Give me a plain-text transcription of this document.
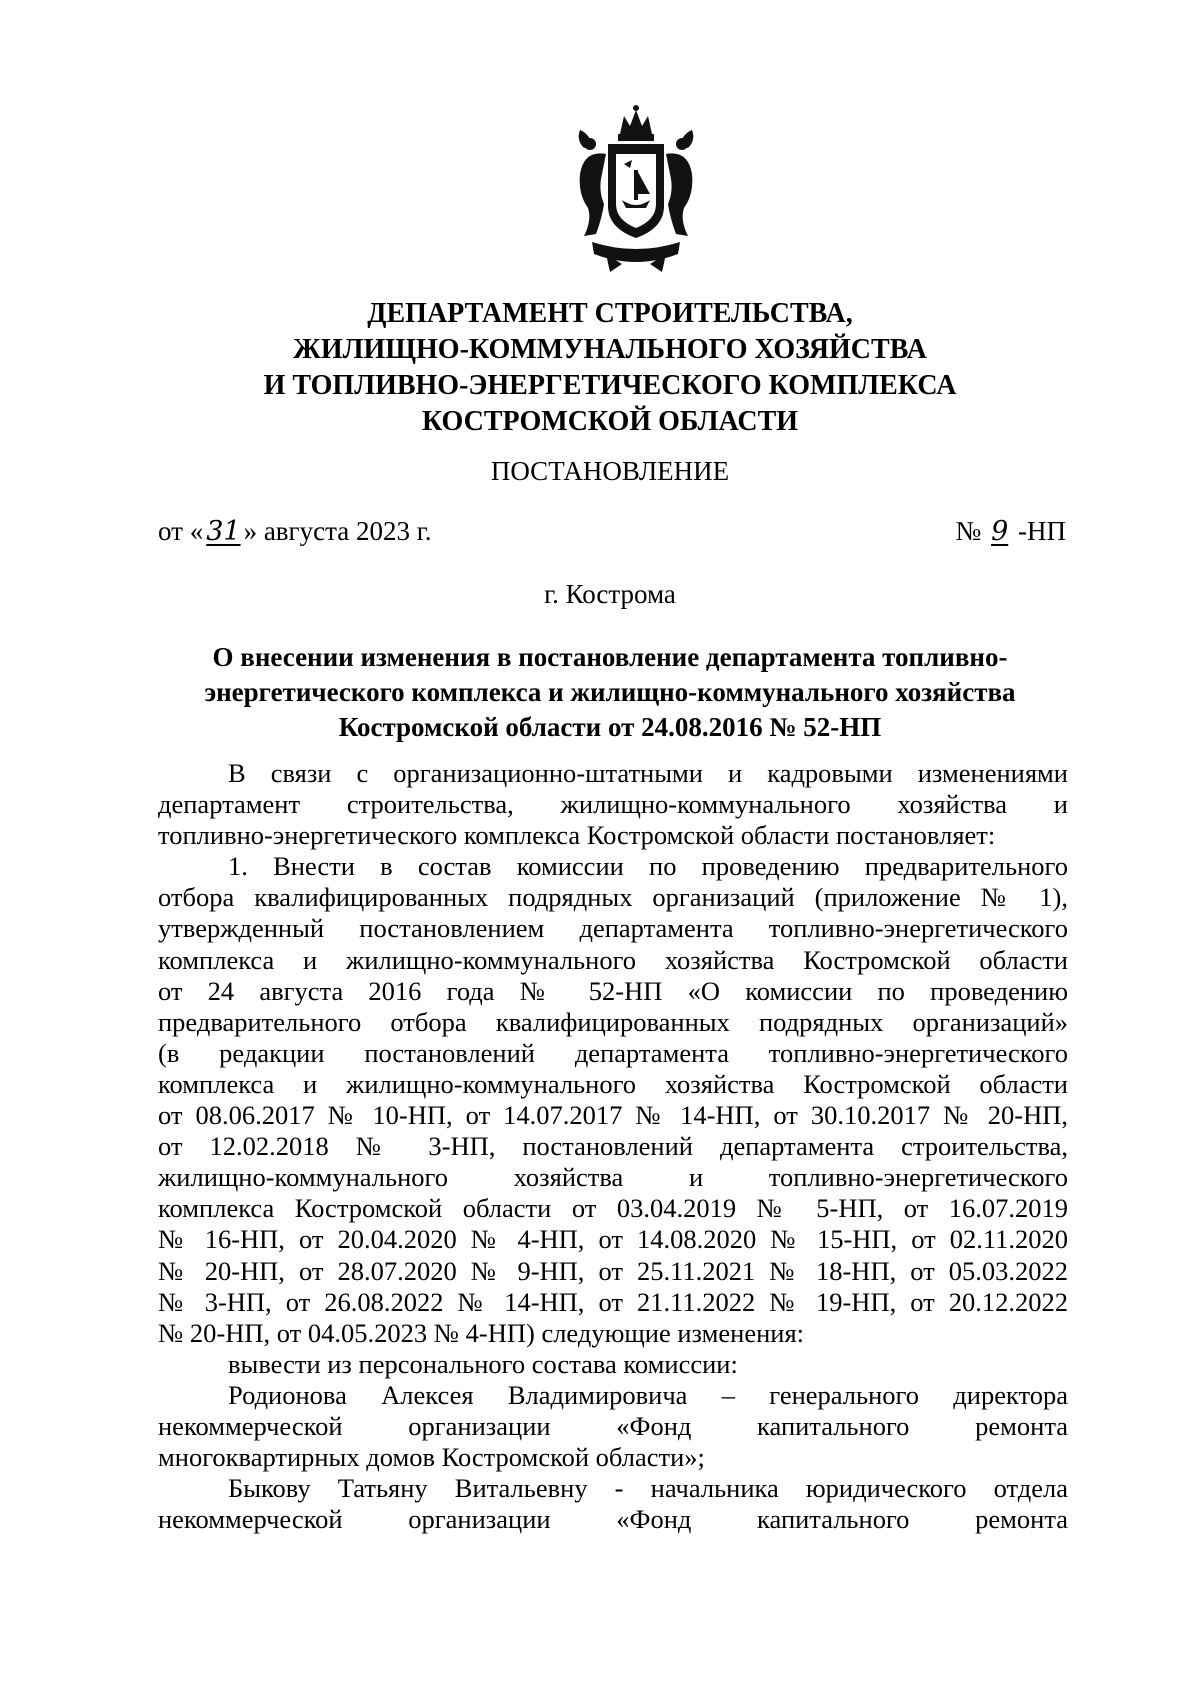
ДЕПАРТАМЕНТ СТРОИТЕЛЬСТВА,
ЖИЛИЩНО-КОММУНАЛЬНОГО ХОЗЯЙСТВА
И ТОПЛИВНО-ЭНЕРГЕТИЧЕСКОГО КОМПЛЕКСА
КОСТРОМСКОЙ ОБЛАСТИ
ПОСТАНОВЛЕНИЕ
от « 31 » августа 2023 г.	№ 9 -НП
г. Кострома
О внесении изменения в постановление департамента топливно-
энергетического комплекса и жилищно-коммунального хозяйства
Костромской области от 24.08.2016 № 52-НП
В связи с организационно-штатными и кадровыми изменениями
департамент строительства, жилищно-коммунального хозяйства и
топливно-энергетического комплекса Костромской области постановляет:
1. Внести в состав комиссии по проведению предварительного
отбора квалифицированных подрядных организаций (приложение № 1),
утвержденный постановлением департамента топливно-энергетического
комплекса и жилищно-коммунального хозяйства Костромской области
от 24 августа 2016 года № 52-НП «О комиссии по проведению
предварительного отбора квалифицированных подрядных организаций»
(в редакции постановлений департамента топливно-энергетического
комплекса и жилищно-коммунального хозяйства Костромской области
от 08.06.2017 № 10-НП, от 14.07.2017 № 14-НП, от 30.10.2017 № 20-НП,
от 12.02.2018 № 3-НП, постановлений департамента строительства,
жилищно-коммунального хозяйства и топливно-энергетического
комплекса Костромской области от 03.04.2019 № 5-НП, от 16.07.2019
№ 16-НП, от 20.04.2020 № 4-НП, от 14.08.2020 № 15-НП, от 02.11.2020
№ 20-НП, от 28.07.2020 № 9-НП, от 25.11.2021 № 18-НП, от 05.03.2022
№ 3-НП, от 26.08.2022 № 14-НП, от 21.11.2022 № 19-НП, от 20.12.2022
№ 20-НП, от 04.05.2023 № 4-НП) следующие изменения:
вывести из персонального состава комиссии:
Родионова Алексея Владимировича – генерального директора
некоммерческой организации «Фонд капитального ремонта
многоквартирных домов Костромской области»;
Быкову Татьяну Витальевну - начальника юридического отдела
некоммерческой организации «Фонд капитального ремонта
